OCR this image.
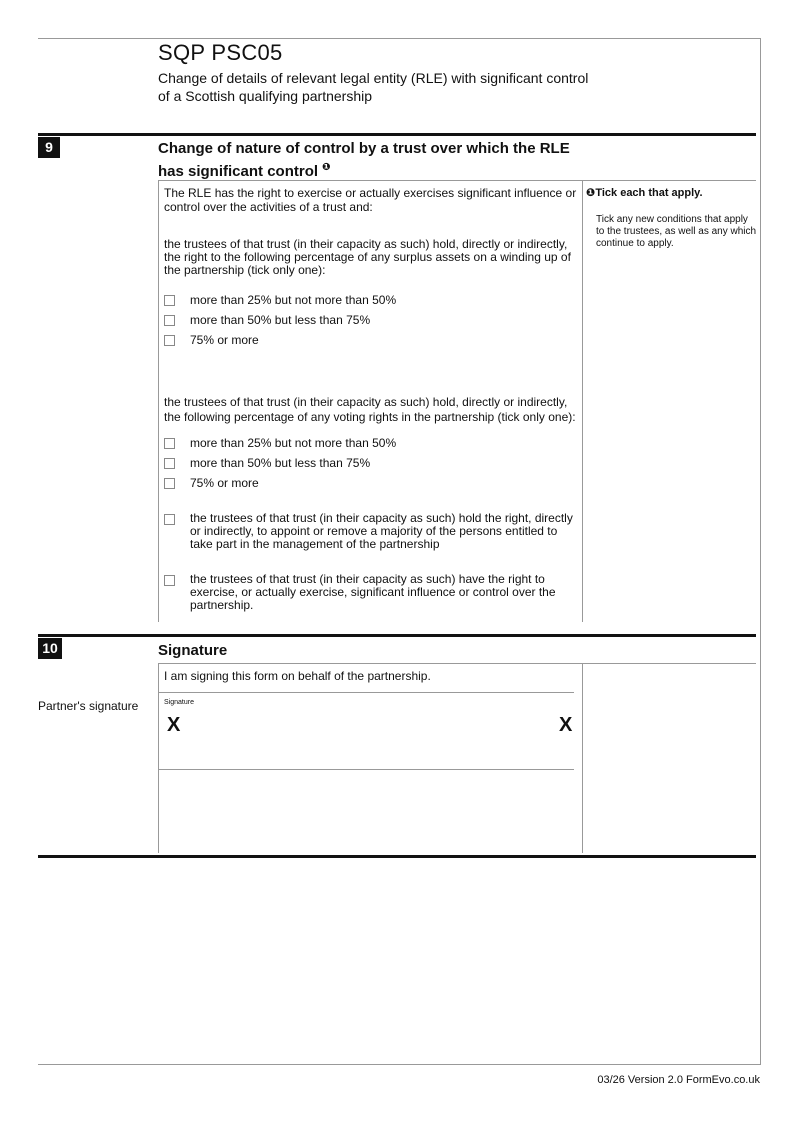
SQP PSC05
Change of details of relevant legal entity (RLE) with significant control
of a Scottish qualifying partnership
9	Change of nature of control by a trust over which the RLE
has significant control $^❶$
The RLE has the right to exercise or actually exercises significant influence or
control over the activities of a trust and:
the trustees of that trust (in their capacity as such) hold, directly or indirectly,
the right to the following percentage of any surplus assets on a winding up of
the partnership (tick only one):
more than 25% but not more than 50%
more than 50% but less than 75%
75% or more
the trustees of that trust (in their capacity as such) hold, directly or indirectly,
the following percentage of any voting rights in the partnership (tick only one):
more than 25% but not more than 50%
more than 50% but less than 75%
75% or more
the trustees of that trust (in their capacity as such) hold the right, directly
or indirectly, to appoint or remove a majority of the persons entitled to
take part in the management of the partnership
the trustees of that trust (in their capacity as such) have the right to
exercise, or actually exercise, significant influence or control over the
partnership.
❶Tick each that apply.
Tick any new conditions that apply
to the trustees, as well as any which
continue to apply.
10	Signature
I am signing this form on behalf of the partnership.
Partner's signature	Signature
X	X
03/26 Version 2.0 FormEvo.co.uk
